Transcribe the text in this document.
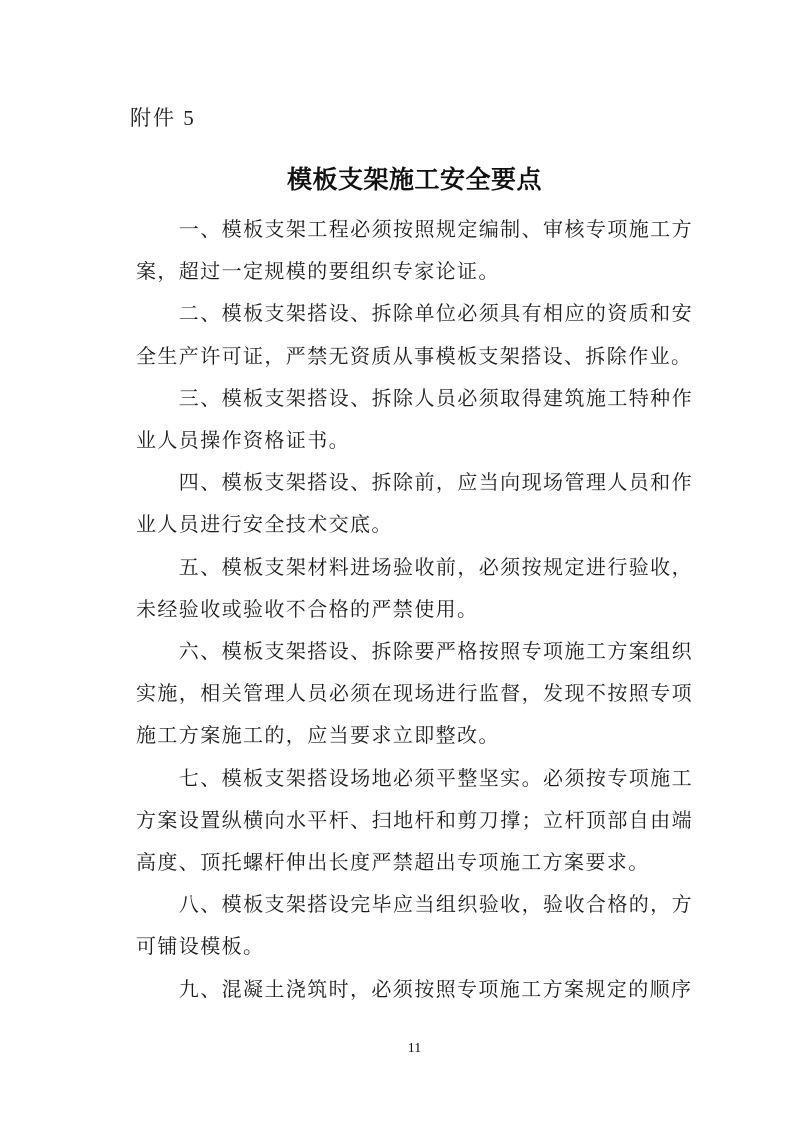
附件 5
模板支架施工安全要点

一、模板支架工程必须按照规定编制、审核专项施工方案，超过一定规模的要组织专家论证。

二、模板支架搭设、拆除单位必须具有相应的资质和安全生产许可证，严禁无资质从事模板支架搭设、拆除作业。

三、模板支架搭设、拆除人员必须取得建筑施工特种作业人员操作资格证书。

四、模板支架搭设、拆除前，应当向现场管理人员和作业人员进行安全技术交底。

五、模板支架材料进场验收前，必须按规定进行验收，未经验收或验收不合格的严禁使用。

六、模板支架搭设、拆除要严格按照专项施工方案组织实施，相关管理人员必须在现场进行监督，发现不按照专项施工方案施工的，应当要求立即整改。

七、模板支架搭设场地必须平整坚实。必须按专项施工方案设置纵横向水平杆、扫地杆和剪刀撑；立杆顶部自由端高度、顶托螺杆伸出长度严禁超出专项施工方案要求。

八、模板支架搭设完毕应当组织验收，验收合格的，方可铺设模板。

九、混凝土浇筑时，必须按照专项施工方案规定的顺序

11
